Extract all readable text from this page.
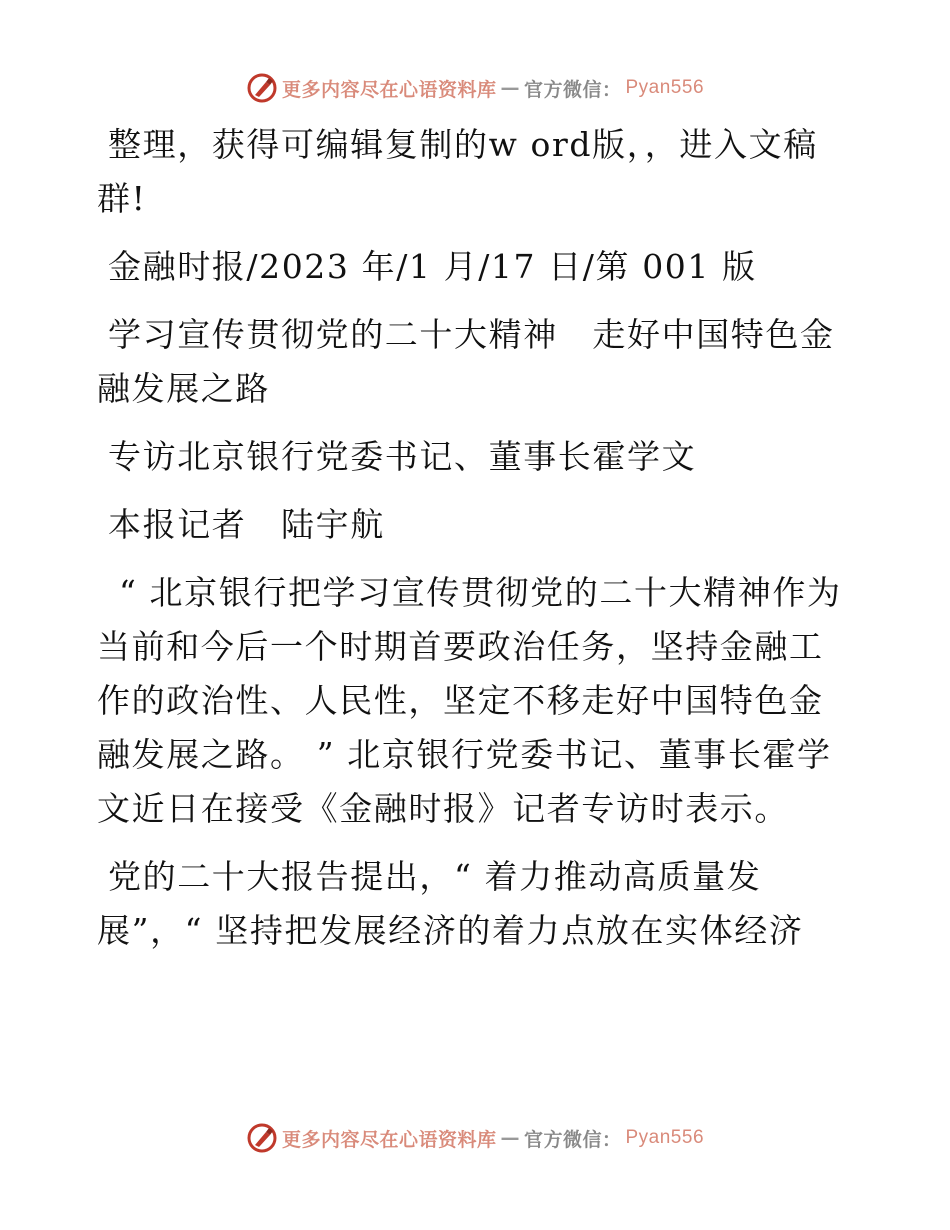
更多内容尽在心语资料库 — 官方微信： Pyan556

整理，获得可编辑复制的w ord版，，进入文稿群!

金融时报/2023 年/1 月/17 日/第 001 版

学习宣传贯彻党的二十大精神　走好中国特色金融发展之路

专访北京银行党委书记、董事长霍学文

本报记者　陆宇航

“ 北京银行把学习宣传贯彻党的二十大精神作为当前和今后一个时期首要政治任务，坚持金融工作的政治性、人民性，坚定不移走好中国特色金融发展之路。 ” 北京银行党委书记、董事长霍学文近日在接受《金融时报》记者专访时表示。

党的二十大报告提出，“ 着力推动高质量发展”，“ 坚持把发展经济的着力点放在实体经济

更多内容尽在心语资料库 — 官方微信： Pyan556
